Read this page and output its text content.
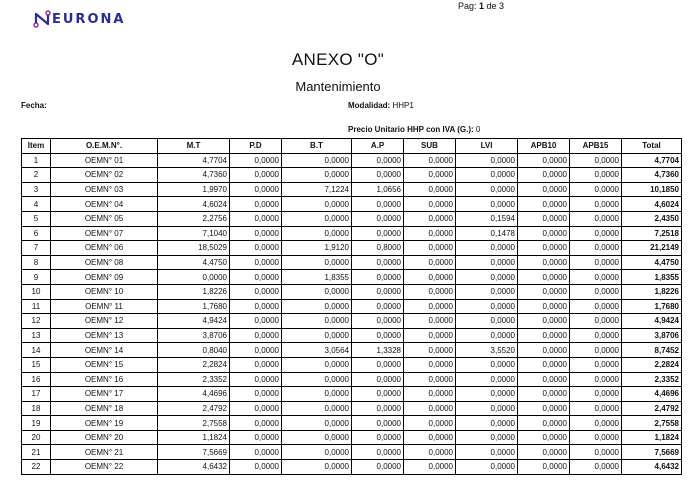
EURONA
Pag: 1 de 3
ANEXO "O"
Mantenimiento
Fecha:	Modalidad: HHP1
Precio Unitario HHP con IVA (G.): 0
Item	O.E.M.N°.	M.T	P.D	B.T	A.P	SUB	LVI	APB10	APB15	Total
1	OEMN° 01	4,7704	0,0000	0,0000	0,0000	0,0000	0,0000	0,0000	0,0000	4,7704
2	OEMN° 02	4,7360	0,0000	0,0000	0,0000	0,0000	0,0000	0,0000	0,0000	4,7360
3	OEMN° 03	1,9970	0,0000	7,1224	1,0656	0,0000	0,0000	0,0000	0,0000	10,1850
4	OEMN° 04	4,6024	0,0000	0,0000	0,0000	0,0000	0,0000	0,0000	0,0000	4,6024
5	OEMN° 05	2,2756	0,0000	0,0000	0,0000	0,0000	0,1594	0,0000	0,0000	2,4350
6	OEMN° 07	7,1040	0,0000	0,0000	0,0000	0,0000	0,1478	0,0000	0,0000	7,2518
7	OEMN° 06	18,5029	0,0000	1,9120	0,8000	0,0000	0,0000	0,0000	0,0000	21,2149
8	OEMN° 08	4,4750	0,0000	0,0000	0,0000	0,0000	0,0000	0,0000	0,0000	4,4750
9	OEMN° 09	0,0000	0,0000	1,8355	0,0000	0,0000	0,0000	0,0000	0,0000	1,8355
10	OEMN° 10	1,8226	0,0000	0,0000	0,0000	0,0000	0,0000	0,0000	0,0000	1,8226
11	OEMN° 11	1,7680	0,0000	0,0000	0,0000	0,0000	0,0000	0,0000	0,0000	1,7680
12	OEMN° 12	4,9424	0,0000	0,0000	0,0000	0,0000	0,0000	0,0000	0,0000	4,9424
13	OEMN° 13	3,8706	0,0000	0,0000	0,0000	0,0000	0,0000	0,0000	0,0000	3,8706
14	OEMN° 14	0,8040	0,0000	3,0564	1,3328	0,0000	3,5520	0,0000	0,0000	8,7452
15	OEMN° 15	2,2824	0,0000	0,0000	0,0000	0,0000	0,0000	0,0000	0,0000	2,2824
16	OEMN° 16	2,3352	0,0000	0,0000	0,0000	0,0000	0,0000	0,0000	0,0000	2,3352
17	OEMN° 17	4,4696	0,0000	0,0000	0,0000	0,0000	0,0000	0,0000	0,0000	4,4696
18	OEMN° 18	2,4792	0,0000	0,0000	0,0000	0,0000	0,0000	0,0000	0,0000	2,4792
19	OEMN° 19	2,7558	0,0000	0,0000	0,0000	0,0000	0,0000	0,0000	0,0000	2,7558
20	OEMN° 20	1,1824	0,0000	0,0000	0,0000	0,0000	0,0000	0,0000	0,0000	1,1824
21	OEMN° 21	7,5669	0,0000	0,0000	0,0000	0,0000	0,0000	0,0000	0,0000	7,5669
22	OEMN° 22	4,6432	0,0000	0,0000	0,0000	0,0000	0,0000	0,0000	0,0000	4,6432
